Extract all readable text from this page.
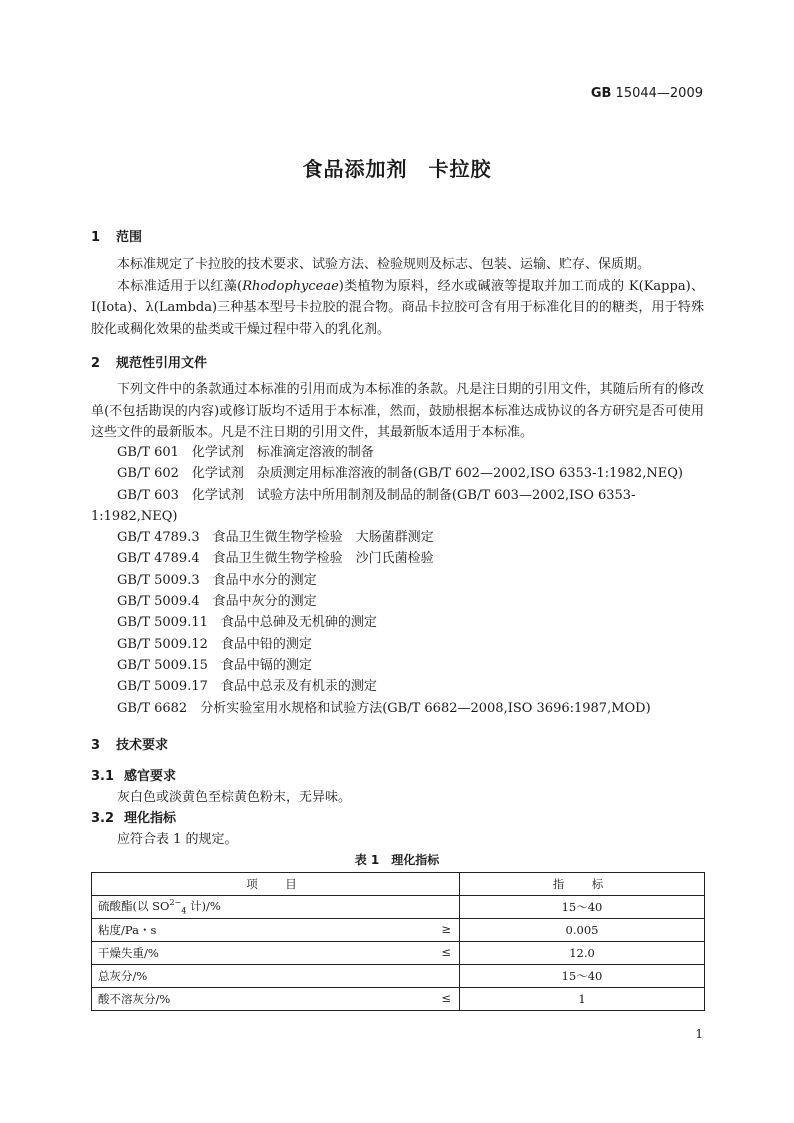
GB 15044—2009
食品添加剂　卡拉胶
1 范围

本标准规定了卡拉胶的技术要求、试验方法、检验规则及标志、包装、运输、贮存、保质期。

本标准适用于以红藻(Rhodophyceae)类植物为原料，经水或碱液等提取并加工而成的 K(Kappa)、I(Iota)、λ(Lambda)三种基本型号卡拉胶的混合物。商品卡拉胶可含有用于标准化目的的糖类，用于特殊胶化或稠化效果的盐类或干燥过程中带入的乳化剂。

2 规范性引用文件

下列文件中的条款通过本标准的引用而成为本标准的条款。凡是注日期的引用文件，其随后所有的修改单(不包括勘误的内容)或修订版均不适用于本标准，然而，鼓励根据本标准达成协议的各方研究是否可使用这些文件的最新版本。凡是不注日期的引用文件，其最新版本适用于本标准。

GB/T 601　化学试剂　标准滴定溶液的制备
GB/T 602　化学试剂　杂质测定用标准溶液的制备(GB/T 602—2002,ISO 6353-1:1982,NEQ)
GB/T 603　化学试剂　试验方法中所用制剂及制品的制备(GB/T 603—2002,ISO 6353-1:1982,NEQ)
GB/T 4789.3　食品卫生微生物学检验　大肠菌群测定
GB/T 4789.4　食品卫生微生物学检验　沙门氏菌检验
GB/T 5009.3　食品中水分的测定
GB/T 5009.4　食品中灰分的测定
GB/T 5009.11　食品中总砷及无机砷的测定
GB/T 5009.12　食品中铅的测定
GB/T 5009.15　食品中镉的测定
GB/T 5009.17　食品中总汞及有机汞的测定
GB/T 6682　分析实验室用水规格和试验方法(GB/T 6682—2008,ISO 3696:1987,MOD)
3 技术要求
3.1 感官要求
灰白色或淡黄色至棕黄色粉末，无异味。
3.2 理化指标
应符合表 1 的规定。
表 1　理化指标
项　目	指　标
硫酸酯(以 $SO^{2-}_4$ 计)/%	15～40
粘度/Pa・s ≥	0.005
干燥失重/% ≤	12.0
总灰分/%	15～40
酸不溶灰分/% ≤	1
1
